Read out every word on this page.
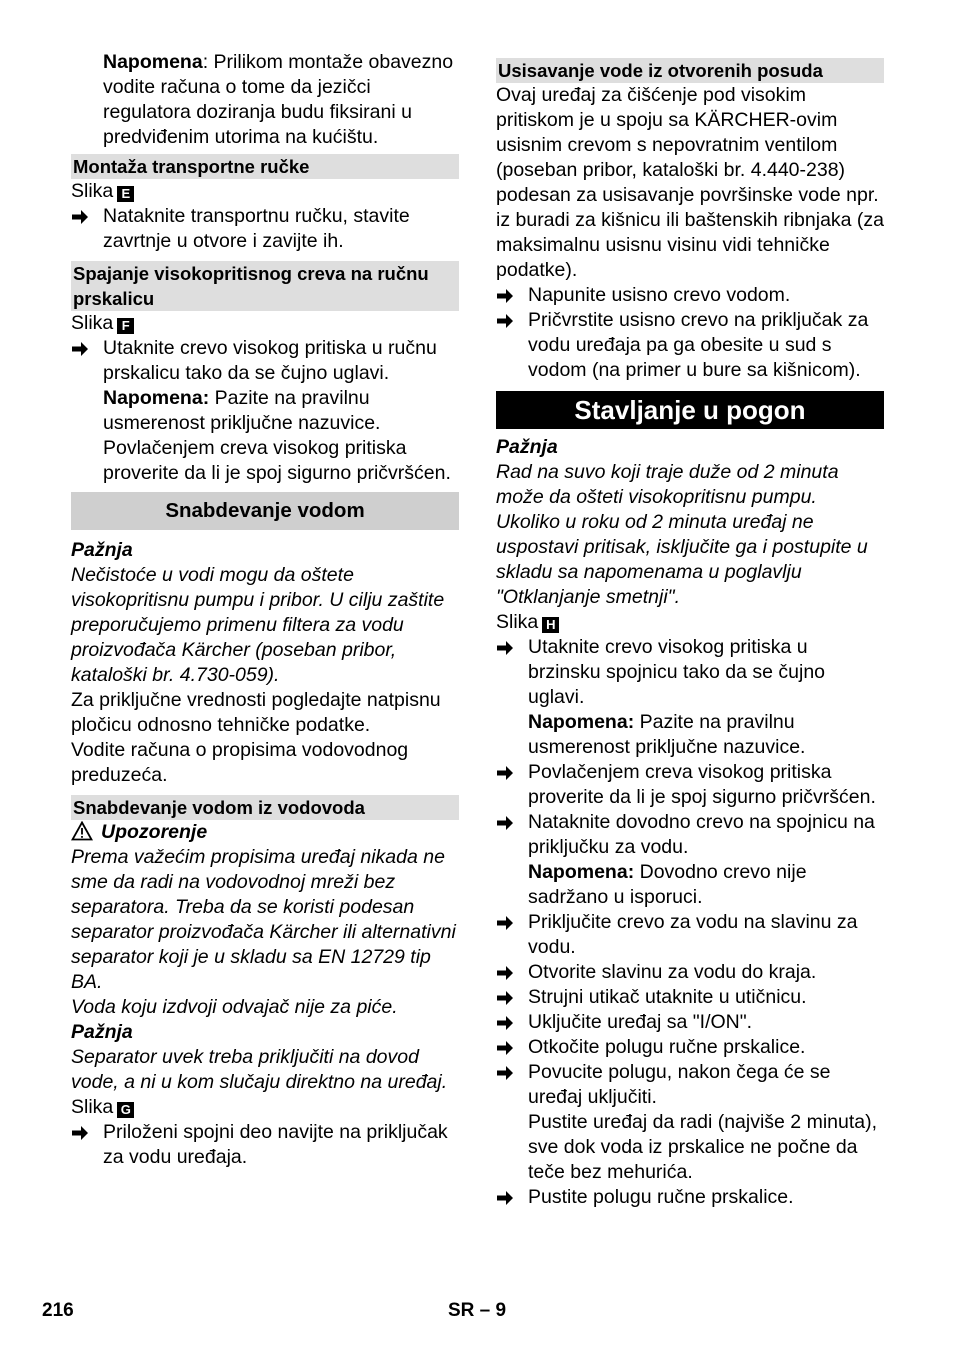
Napomena: Prilikom montaže obavezno vodite računa o tome da jezičci regulatora doziranja budu fiksirani u predviđenim utorima na kućištu.

Montaža transportne ručke

Slika E

Nataknite transportnu ručku, stavite zavrtnje u otvore i zavijte ih.
Spajanje visokopritisnog creva na ručnu prskalicu

Slika F

Utaknite crevo visokog pritiska u ručnu prskalicu tako da se čujno uglavi.

Napomena: Pazite na pravilnu usmerenost priključne nazuvice. Povlačenjem creva visokog pritiska proverite da li je spoj sigurno pričvršćen.

Snabdevanje vodom

Pažnja

Nečistoće u vodi mogu da oštete visokopritisnu pumpu i pribor. U cilju zaštite preporučujemo primenu filtera za vodu proizvođača Kärcher (poseban pribor, kataloški br. 4.730-059).

Za priključne vrednosti pogledajte natpisnu pločicu odnosno tehničke podatke.

Vodite računa o propisima vodovodnog preduzeća.

Snabdevanje vodom iz vodovoda

Upozorenje

Prema važećim propisima uređaj nikada ne sme da radi na vodovodnoj mreži bez separatora. Treba da se koristi podesan separator proizvođača Kärcher ili alternativni separator koji je u skladu sa EN 12729 tip BA.

Voda koju izdvoji odvajač nije za piće.

Pažnja

Separator uvek treba priključiti na dovod vode, a ni u kom slučaju direktno na uređaj.

Slika G

Priloženi spojni deo navijte na priključak za vodu uređaja.
Usisavanje vode iz otvorenih posuda

Ovaj uređaj za čišćenje pod visokim pritiskom je u spoju sa KÄRCHER-ovim usisnim crevom s nepovratnim ventilom (poseban pribor, kataloški br. 4.440-238) podesan za usisavanje površinske vode npr. iz buradi za kišnicu ili baštenskih ribnjaka (za maksimalnu usisnu visinu vidi tehničke podatke).

Napunite usisno crevo vodom.
Pričvrstite usisno crevo na priključak za vodu uređaja pa ga obesite u sud s vodom (na primer u bure sa kišnicom).
Stavljanje u pogon

Pažnja

Rad na suvo koji traje duže od 2 minuta može da ošteti visokopritisnu pumpu. Ukoliko u roku od 2 minuta uređaj ne uspostavi pritisak, isključite ga i postupite u skladu sa napomenama u poglavlju "Otklanjanje smetnji".

Slika H

Utaknite crevo visokog pritiska u brzinsku spojnicu tako da se čujno uglavi.

Napomena: Pazite na pravilnu usmerenost priključne nazuvice.

Povlačenjem creva visokog pritiska proverite da li je spoj sigurno pričvršćen.
Nataknite dovodno crevo na spojnicu na priključku za vodu.

Napomena: Dovodno crevo nije sadržano u isporuci.

Priključite crevo za vodu na slavinu za vodu.
Otvorite slavinu za vodu do kraja.
Strujni utikač utaknite u utičnicu.
Uključite uređaj sa "I/ON".
Otkočite polugu ručne prskalice.
Povucite polugu, nakon čega će se uređaj uključiti.

Pustite uređaj da radi (najviše 2 minuta), sve dok voda iz prskalice ne počne da teče bez mehurića.

Pustite polugu ručne prskalice.
216	SR – 9
